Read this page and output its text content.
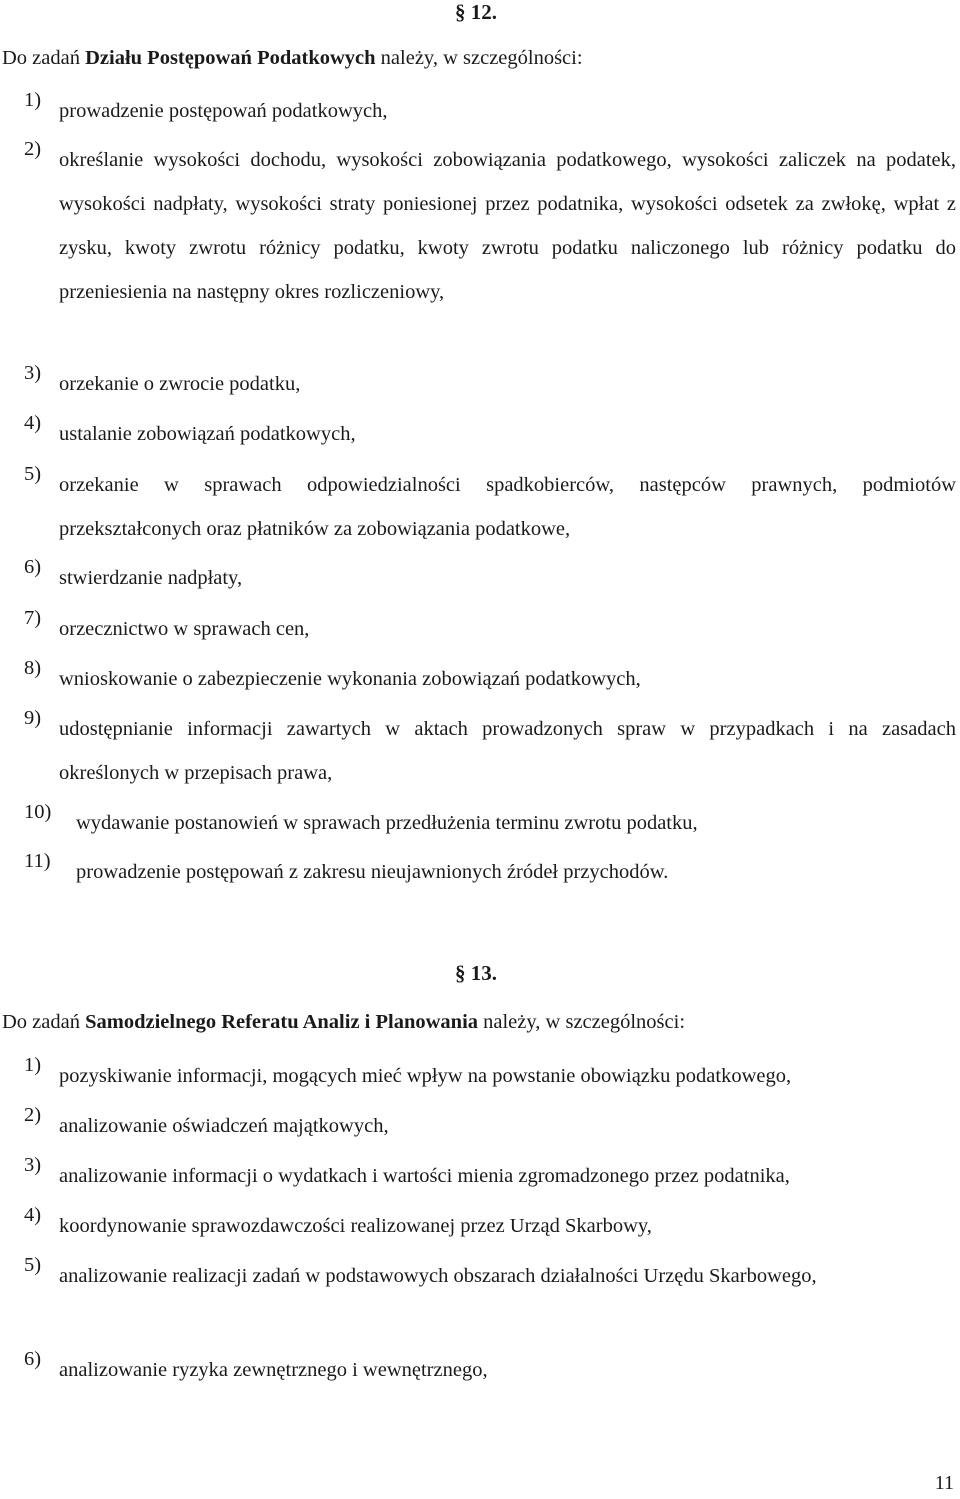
§ 12.
Do zadań Działu Postępowań Podatkowych należy, w szczególności:
1) prowadzenie postępowań podatkowych,
2) określanie wysokości dochodu, wysokości zobowiązania podatkowego, wysokości zaliczek na podatek, wysokości nadpłaty, wysokości straty poniesionej przez podatnika, wysokości odsetek za zwłokę, wpłat z zysku, kwoty zwrotu różnicy podatku, kwoty zwrotu podatku naliczonego lub różnicy podatku do przeniesienia na następny okres rozliczeniowy,
3) orzekanie o zwrocie podatku,
4) ustalanie zobowiązań podatkowych,
5) orzekanie w sprawach odpowiedzialności spadkobierców, następców prawnych, podmiotów przekształconych oraz płatników za zobowiązania podatkowe,
6) stwierdzanie nadpłaty,
7) orzecznictwo w sprawach cen,
8) wnioskowanie o zabezpieczenie wykonania zobowiązań podatkowych,
9) udostępnianie informacji zawartych w aktach prowadzonych spraw w przypadkach i na zasadach określonych w przepisach prawa,
10) wydawanie postanowień w sprawach przedłużenia terminu zwrotu podatku,
11) prowadzenie postępowań z zakresu nieujawnionych źródeł przychodów.
§ 13.
Do zadań Samodzielnego Referatu Analiz i Planowania należy, w szczególności:
1) pozyskiwanie informacji, mogących mieć wpływ na powstanie obowiązku podatkowego,
2) analizowanie oświadczeń majątkowych,
3) analizowanie informacji o wydatkach i wartości mienia zgromadzonego przez podatnika,
4) koordynowanie sprawozdawczości realizowanej przez Urząd Skarbowy,
5) analizowanie realizacji zadań w podstawowych obszarach działalności Urzędu Skarbowego,
6) analizowanie ryzyka zewnętrznego i wewnętrznego,
11
